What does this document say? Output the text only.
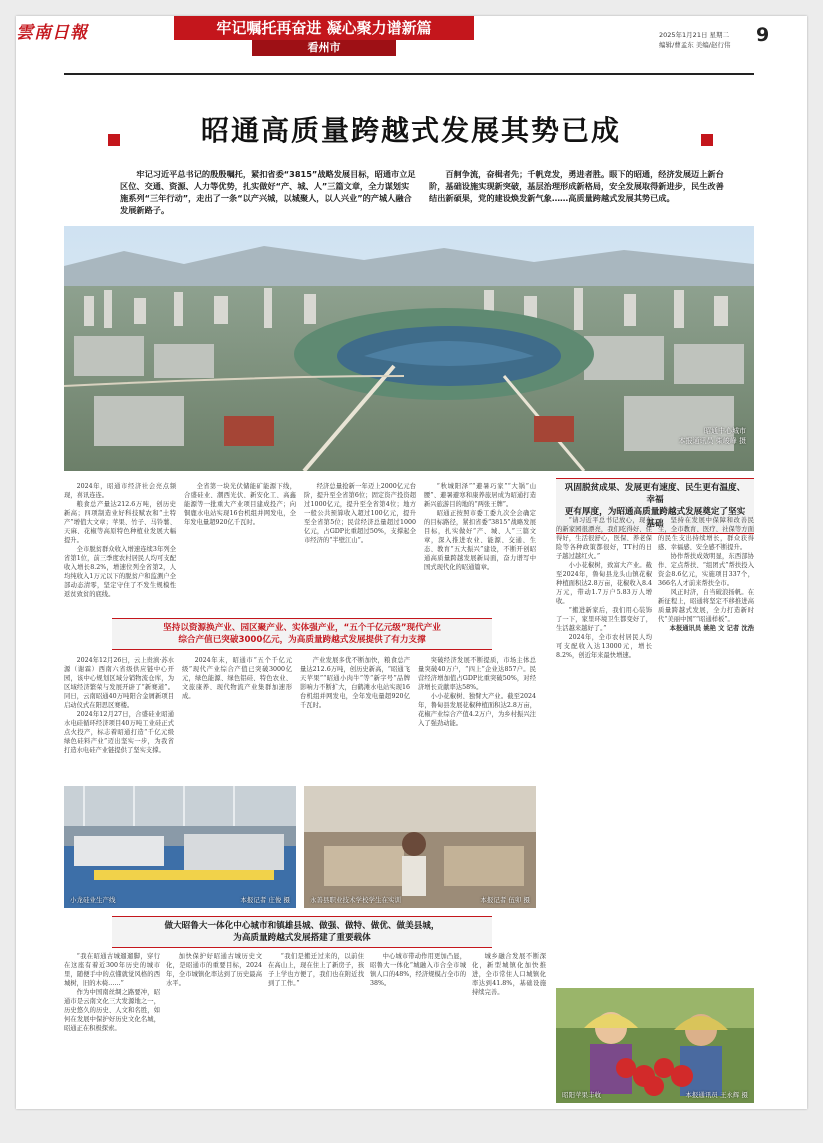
雲南日報	牢记嘱托再奋进 凝心聚力谱新篇
看州市
2025年1月21日 星期二
编辑/曹孟东 美编/赵行伟	9
昭通高质量跨越式发展其势已成
牢记习近平总书记的殷殷嘱托，紧扣省委“3815”战略发展目标，昭通市立足区位、交通、资源、人力等优势，扎实做好“产、城、人”三篇文章，全力谋划实施系列“三年行动”，走出了一条“以产兴城，以城聚人，以人兴业”的产城人融合发展新路子。
百舸争流，奋楫者先；千帆竞发，勇进者胜。眼下的昭通，经济发展迈上新台阶，基础设施实现新突破，基层治理形成新格局，安全发展取得新进步，民生改善结出新硕果，党的建设焕发新气象……高质量跨越式发展其势已成。
昭通中心城市
本报通讯员 柴峻峰 摄

2024年，昭通市经济社会亮点频现，喜讯连连。

粮食总产量达212.6万吨，创历史新高；四项制造业好科技赋农和“土特产”增值大文章；苹果、竹子、马铃薯、天麻、花椒等高原特色种植业发展大幅提升。

全市脱贫群众收入增速连续3年列全省第1位，前三季度农村居民人均可支配收入增长8.2%，增速位列全省第2，人均纯收入1万元以下的脱贫户和监测户全部动态清零，坚定守住了不发生规模性返贫致贫的底线。

全省第一块光伏储能矿能源下线，合盛硅业、潮西光伏、新安化工、高鑫能源等一批重大产业项目建成投产；向铜鹿水电站实现16台机组并网发电，全年发电量超920亿千瓦时。

经济总量抢新一年迈上2000亿元台阶，提升至全省第6位；固定资产投资超过1000亿元，提升至全省第4位；地方一般公共预算收入超过100亿元，提升至全省第5位；民营经济总量超过1000亿元，占GDP比重超过50%，支撑起全市经济的“半壁江山”。

“秋城阳泽”“避暑巧家”“大锅”山腰”、避暑避寒和康养旅居成为昭通打造新兴旅游目的地的“两张王牌”。

昭通正按照市委工委九次全会确定的目标路径，紧扣省委“3815”战略发展目标，扎实做好“产、城、人”三篇文章，深入推进农业、能源、交通、生态、教育“五大振兴”建设，不断开创昭通高质量跨越发展新局面，奋力谱写中国式现代化的昭通篇章。

巩固脱贫成果、发展更有速度、民生更有温度、幸福
更有厚度，为昭通高质量跨越式发展奠定了坚实基础
坚持以资源换产业、园区聚产业、实体强产业，“五个千亿元级”现代产业
综合产值已突破3000亿元，为高质量跨越式发展提供了有力支撑

2024年12月26日，云上贵滇·苏水源（谢霖）西南六省级供应链中心开园，该中心规划区域分销物流仓库，为区域经济繁荣与发展开辟了“新赛道”。同日，云南昭通40万吨阳合金屑新项目启动仪式在阳思区赛楼。

2024年12月27日，合盛硅业昭通水电硅循环经济项目40万吨工业硅正式点火投产，标志着昭通打造“千亿元级绿色硅料产业”迈出坚实一步，为我省打造水电硅产业链提供了坚实支撑。

2024年末，昭通市“五个千亿元级”现代产业综合产值已突破3000亿元，绿色能源、绿色铝硅、特色农业、文旅康养、现代物流产业集群加速形成。

产业发展多优不断加快，粮食总产量达212.6万吨，创历史新高，“昭通飞天苹果”“昭通小肉牛”等“新字号”品牌影响力不断扩大，白鹤滩水电站实现16台机组并网发电，全年发电量超920亿千瓦时。

突破经济发展不断提质，市场主体总量突破40万户，“四上”企业达857户。民营经济增加值占GDP比重突破50%，对经济增长贡献率达58%。

小小花椒树、独臂大产业。截至2024年，鲁甸县发展花椒种植面积达2.8万亩，花椒产业综合产值4.2万户，为乡村振兴注入了强劲动能。

“请习近平总书记放心，现在的新家园很漂亮，我们吃得好、住得好，生活很舒心，医保、养老保险等各种政策都很好，TT村的日子越过越红火。”

小小花椒树，致富大产业。截至2024年，鲁甸县龙头山镇花椒种植面积达2.8万亩，花椒收入8.4万元，带动1.7万户5.83万人增收。

“搬进新家后，我们用心装饰了一下，家里环境卫生都变好了，生活越来越好了。”

2024年，全市农村居民人均可支配收入达13000元，增长8.2%，创近年来最快增速。

坚持在发展中保障和改善民生，全市教育、医疗、社保等方面的民生支出持续增长，群众获得感、幸福感、安全感不断提升。

协作帮扶成效明显，东西部协作、定点帮扶、“组团式”帮扶投入资金8.6亿元，实施项目337个，366名人才前来帮扶全市。

风正时济，自当破浪扬帆。在新征程上，昭通将坚定不移推进高质量跨越式发展，全力打造新时代“美丽中国”“昭通样板”。

本报通讯员 姚艳 文 记者 沈浩

小龙硅业生产线	本报记者 庄俊 摄	永善县职业技术学校学生在实训	本报记者 伍卯 摄
做大昭鲁大一体化中心城市和镇雄县城、做强、做特、做优、做美县城，
为高质量跨越式发展搭建了重要载体

“我在昭通古城遛遛脚，穿行在这座有着近300年历史的城市里，随便手中的点懂就觉风格的西城树，旧的木椅……”

作为中国南丝绸之路要冲，昭通市是云南文化三大发源地之一，历史悠久的历史、人文和名胜，如何在发展中保护好历史文化名城，昭通正在积极探索。

加快保护好昭通古城历史文化，是昭通市的重要目标，2024年，全市城镇化率达到了历史最高水平。

“我们是搬迁过来的，以前住在高山上，现在住上了新房子，孩子上学也方便了，我们也在附近找到了工作。”

中心城市带动作用更加凸显，昭鲁大一体化“城融入市合全市城镇人口的48%，经济规模占全市的38%。

城乡融合发展不断深化，新型城镇化加快推进，全市常住人口城镇化率达到41.8%，基础设施持续完善。

昭阳苹果丰收	本报通讯员 王永辉 摄
